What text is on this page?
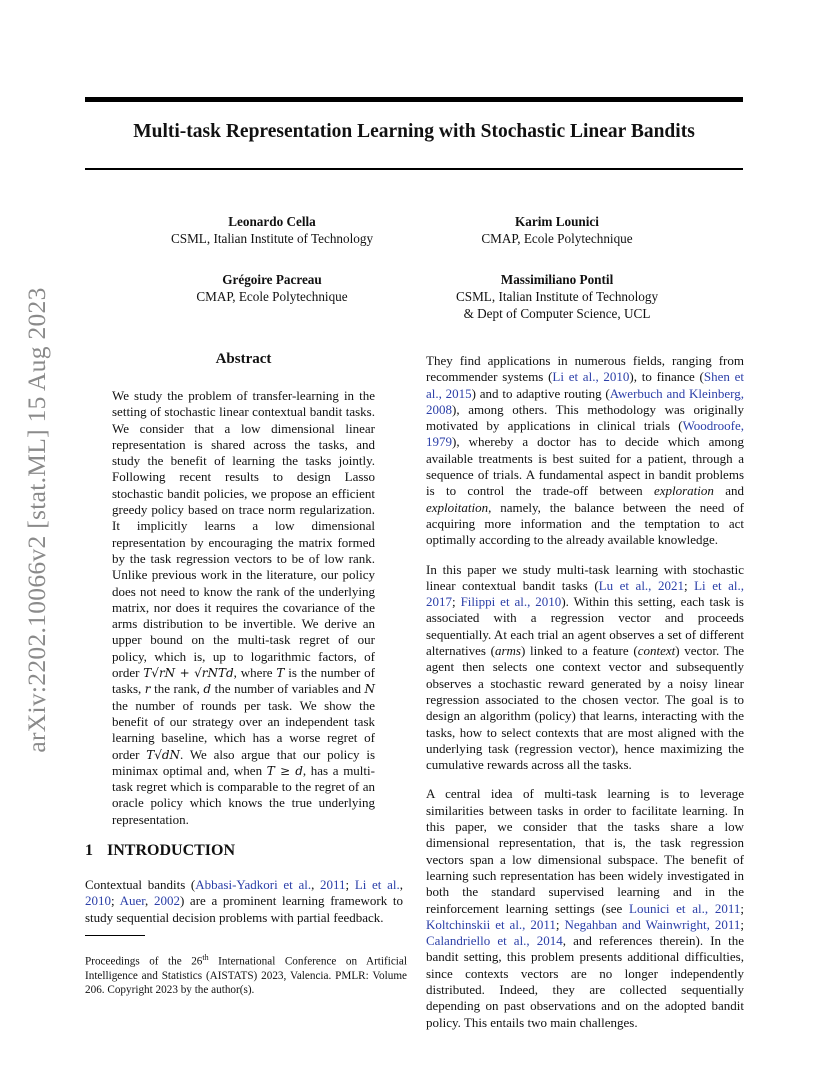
arXiv:2202.10066v2 [stat.ML] 15 Aug 2023
Multi-task Representation Learning with Stochastic Linear Bandits
Leonardo Cella
CSML, Italian Institute of Technology
Karim Lounici
CMAP, Ecole Polytechnique
Grégoire Pacreau
CMAP, Ecole Polytechnique
Massimiliano Pontil
CSML, Italian Institute of Technology
& Dept of Computer Science, UCL
Abstract

We study the problem of transfer-learning in the setting of stochastic linear contextual bandit tasks. We consider that a low dimensional linear representation is shared across the tasks, and study the benefit of learning the tasks jointly. Following recent results to design Lasso stochastic bandit policies, we propose an efficient greedy policy based on trace norm regularization. It implicitly learns a low dimensional representation by encouraging the matrix formed by the task regression vectors to be of low rank. Unlike previous work in the literature, our policy does not need to know the rank of the underlying matrix, nor does it requires the covariance of the arms distribution to be invertible. We derive an upper bound on the multi-task regret of our policy, which is, up to logarithmic factors, of order T√rN + √rNTd, where T is the number of tasks, r the rank, d the number of variables and N the number of rounds per task. We show the benefit of our strategy over an independent task learning baseline, which has a worse regret of order T√dN. We also argue that our policy is minimax optimal and, when T ≥ d, has a multi-task regret which is comparable to the regret of an oracle policy which knows the true underlying representation.

1 INTRODUCTION

Contextual bandits (Abbasi-Yadkori et al., 2011; Li et al., 2010; Auer, 2002) are a prominent learning framework to study sequential decision problems with partial feedback.

Proceedings of the 26th International Conference on Artificial Intelligence and Statistics (AISTATS) 2023, Valencia. PMLR: Volume 206. Copyright 2023 by the author(s).

They find applications in numerous fields, ranging from recommender systems (Li et al., 2010), to finance (Shen et al., 2015) and to adaptive routing (Awerbuch and Kleinberg, 2008), among others. This methodology was originally motivated by applications in clinical trials (Woodroofe, 1979), whereby a doctor has to decide which among available treatments is best suited for a patient, through a sequence of trials. A fundamental aspect in bandit problems is to control the trade-off between exploration and exploitation, namely, the balance between the need of acquiring more information and the temptation to act optimally according to the already available knowledge.

In this paper we study multi-task learning with stochastic linear contextual bandit tasks (Lu et al., 2021; Li et al., 2017; Filippi et al., 2010). Within this setting, each task is associated with a regression vector and proceeds sequentially. At each trial an agent observes a set of different alternatives (arms) linked to a feature (context) vector. The agent then selects one context vector and subsequently observes a stochastic reward generated by a noisy linear regression associated to the chosen vector. The goal is to design an algorithm (policy) that learns, interacting with the tasks, how to select contexts that are most aligned with the underlying task (regression vector), hence maximizing the cumulative rewards across all the tasks.

A central idea of multi-task learning is to leverage similarities between tasks in order to facilitate learning. In this paper, we consider that the tasks share a low dimensional representation, that is, the task regression vectors span a low dimensional subspace. The benefit of learning such representation has been widely investigated in both the standard supervised learning and in the reinforcement learning settings (see Lounici et al., 2011; Koltchinskii et al., 2011; Negahban and Wainwright, 2011; Calandriello et al., 2014, and references therein). In the bandit setting, this problem presents additional difficulties, since contexts vectors are no longer independently distributed. Indeed, they are collected sequentially depending on past observations and on the adopted bandit policy. This entails two main challenges.
